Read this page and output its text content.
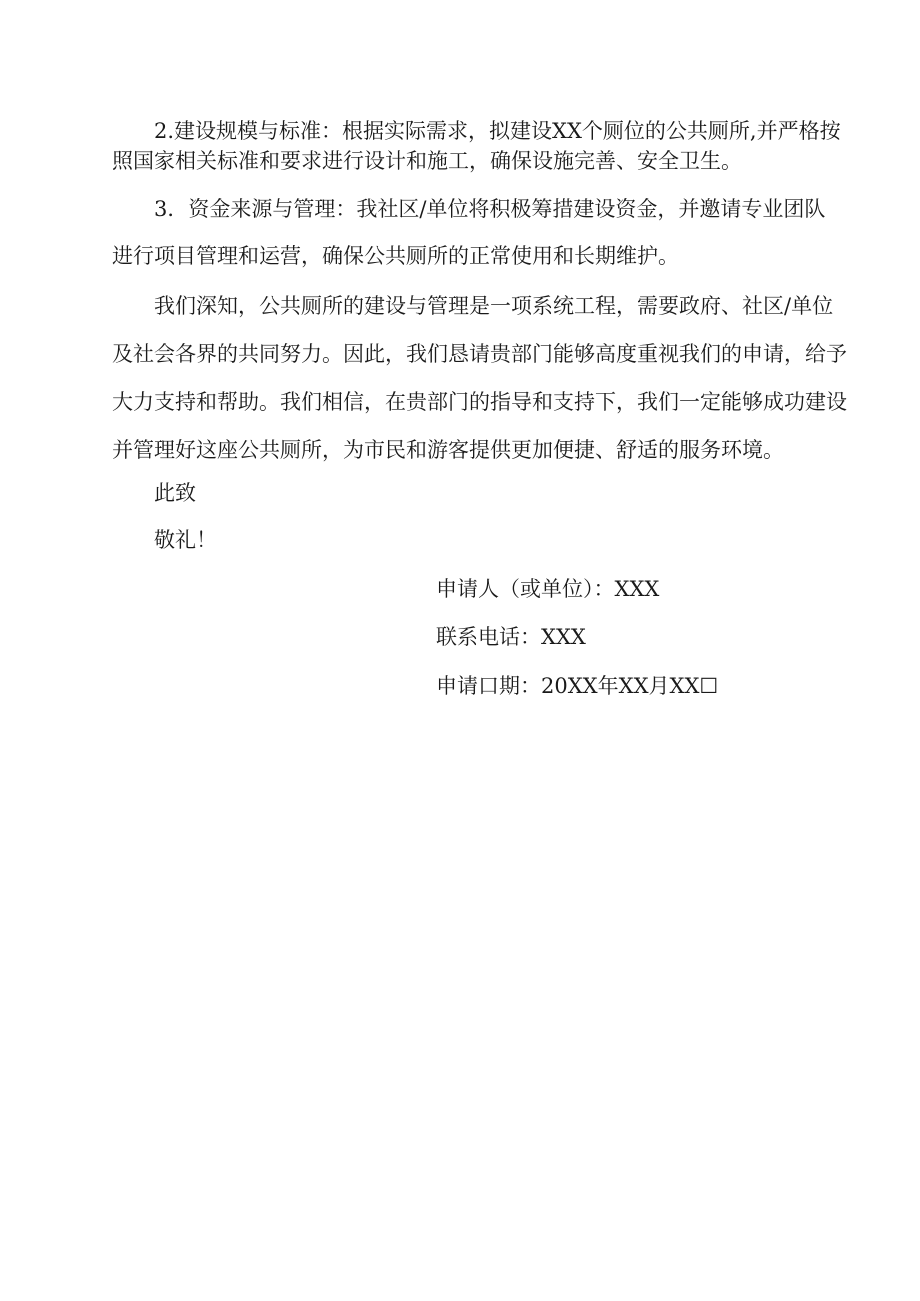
2.建设规模与标准：根据实际需求，拟建设XX个厕位的公共厕所,并严格按
照国家相关标准和要求进行设计和施工，确保设施完善、安全卫生。

3．资金来源与管理：我社区/单位将积极筹措建设资金，并邀请专业团队
进行项目管理和运营，确保公共厕所的正常使用和长期维护。

我们深知，公共厕所的建设与管理是一项系统工程，需要政府、社区/单位
及社会各界的共同努力。因此，我们恳请贵部门能够高度重视我们的申请，给予
大力支持和帮助。我们相信，在贵部门的指导和支持下，我们一定能够成功建设
并管理好这座公共厕所，为市民和游客提供更加便捷、舒适的服务环境。

此致

敬礼！

申请人（或单位）：XXX

联系电话：XXX

申请口期：20XX年XX月XX☐
